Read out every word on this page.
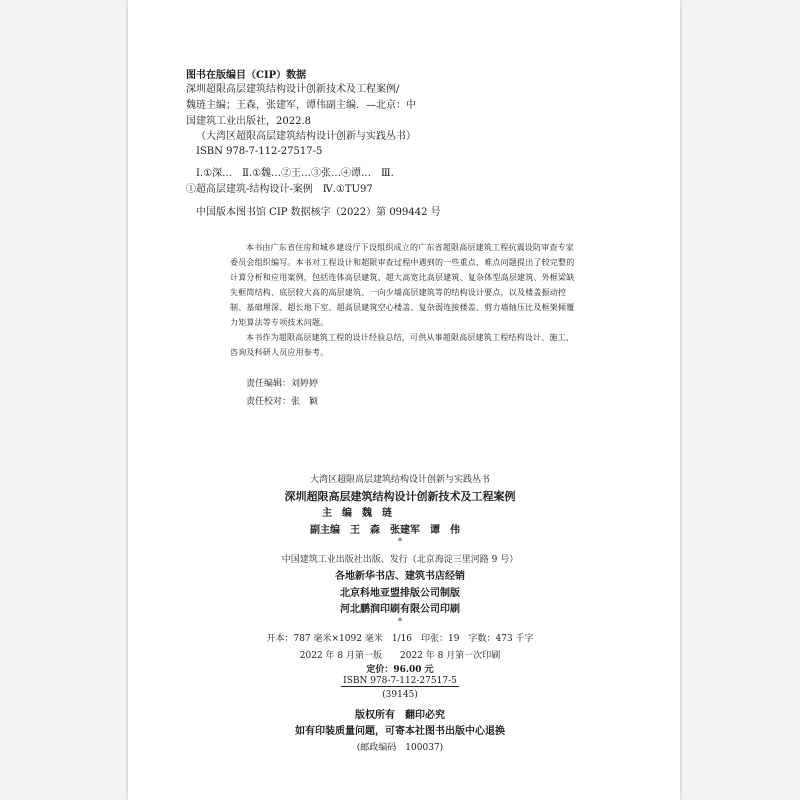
图书在版编目（CIP）数据
深圳超限高层建筑结构设计创新技术及工程案例/
魏琏主编；王森，张建军，谭伟副主编．—北京：中
国建筑工业出版社，2022.8
（大湾区超限高层建筑结构设计创新与实践丛书）
ISBN 978-7-112-27517-5
Ⅰ.①深…　Ⅱ.①魏…②王…③张…④谭…　Ⅲ.
①超高层建筑-结构设计-案例　Ⅳ.①TU97
中国版本图书馆 CIP 数据核字（2022）第 099442 号

本书由广东省住房和城乡建设厅下设组织成立的广东省超限高层建筑工程抗震设防审查专家委员会组织编写。本书对工程设计和超限审查过程中遇到的一些重点、难点问题提出了较完整的计算分析和应用案例，包括连体高层建筑、超大高宽比高层建筑、复杂体型高层建筑、外框梁缺失框筒结构、底层较大高的高层建筑、一向少墙高层建筑等的结构设计要点，以及楼盖振动控制、基础埋深、超长地下室、超高层建筑空心楼盖、复杂弱连接楼盖、剪力墙轴压比及框架倾覆力矩算法等专项技术问题。

本书作为超限高层建筑工程的设计经验总结，可供从事超限高层建筑工程结构设计、施工、咨询及科研人员应用参考。

责任编辑：刘婷婷
责任校对：张　颖
大湾区超限高层建筑结构设计创新与实践丛书
深圳超限高层建筑结构设计创新技术及工程案例
主　编　魏　琏
副主编　王　森　张建军　谭　伟
*
中国建筑工业出版社出版、发行（北京海淀三里河路 9 号）
各地新华书店、建筑书店经销
北京科地亚盟排版公司制版
河北鹏润印刷有限公司印刷
*
开本：787 毫米×1092 毫米　1/16　印张：19　字数：473 千字
2022 年 8 月第一版　　2022 年 8 月第一次印刷
定价：96.00 元
ISBN 978-7-112-27517-5
(39145)
版权所有　翻印必究
如有印装质量问题，可寄本社图书出版中心退换
(邮政编码　100037)
